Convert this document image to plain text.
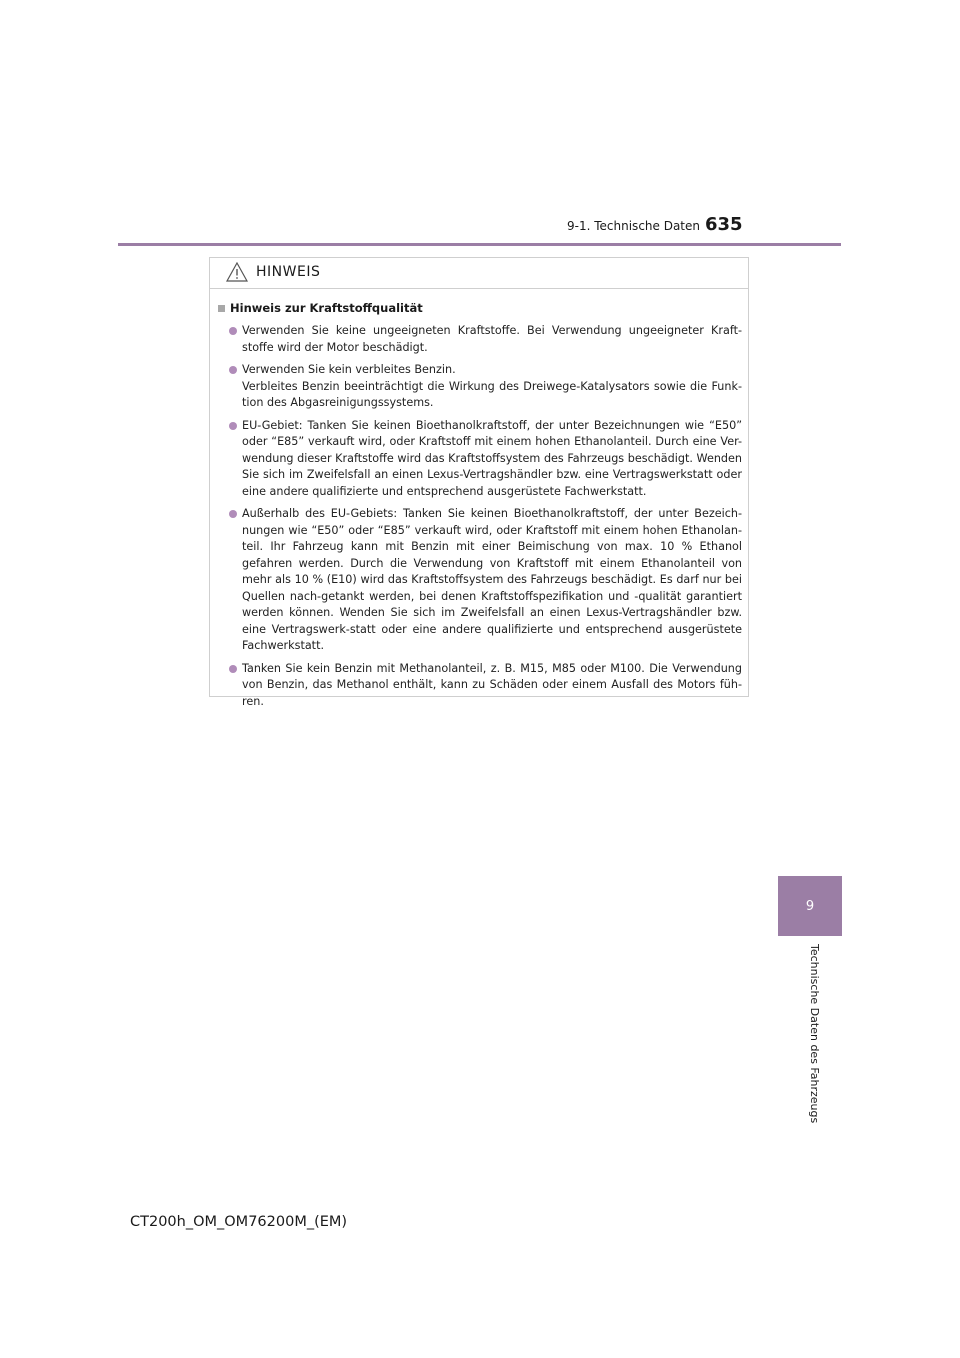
9-1. Technische Daten 635
HINWEIS
Hinweis zur Kraftstoffqualität
Verwenden Sie keine ungeeigneten Kraftstoffe. Bei Verwendung ungeeigneter Kraft-stoffe wird der Motor beschädigt.
Verwenden Sie kein verbleites Benzin.
Verbleites Benzin beeinträchtigt die Wirkung des Dreiwege-Katalysators sowie die Funk-tion des Abgasreinigungssystems.
EU-Gebiet: Tanken Sie keinen Bioethanolkraftstoff, der unter Bezeichnungen wie “E50” oder “E85” verkauft wird, oder Kraftstoff mit einem hohen Ethanolanteil. Durch eine Ver-wendung dieser Kraftstoffe wird das Kraftstoffsystem des Fahrzeugs beschädigt. Wenden Sie sich im Zweifelsfall an einen Lexus-Vertragshändler bzw. eine Vertragswerkstatt oder eine andere qualifizierte und entsprechend ausgerüstete Fachwerkstatt.
Außerhalb des EU-Gebiets: Tanken Sie keinen Bioethanolkraftstoff, der unter Bezeich-nungen wie “E50” oder “E85” verkauft wird, oder Kraftstoff mit einem hohen Ethanolan-teil. Ihr Fahrzeug kann mit Benzin mit einer Beimischung von max. 10 % Ethanol gefahren werden. Durch die Verwendung von Kraftstoff mit einem Ethanolanteil von mehr als 10 % (E10) wird das Kraftstoffsystem des Fahrzeugs beschädigt. Es darf nur bei Quellen nach-getankt werden, bei denen Kraftstoffspezifikation und -qualität garantiert werden können. Wenden Sie sich im Zweifelsfall an einen Lexus-Vertragshändler bzw. eine Vertragswerk-statt oder eine andere qualifizierte und entsprechend ausgerüstete Fachwerkstatt.
Tanken Sie kein Benzin mit Methanolanteil, z. B. M15, M85 oder M100. Die Verwendung von Benzin, das Methanol enthält, kann zu Schäden oder einem Ausfall des Motors füh-ren.
9
Technische Daten des Fahrzeugs
CT200h_OM_OM76200M_(EM)
